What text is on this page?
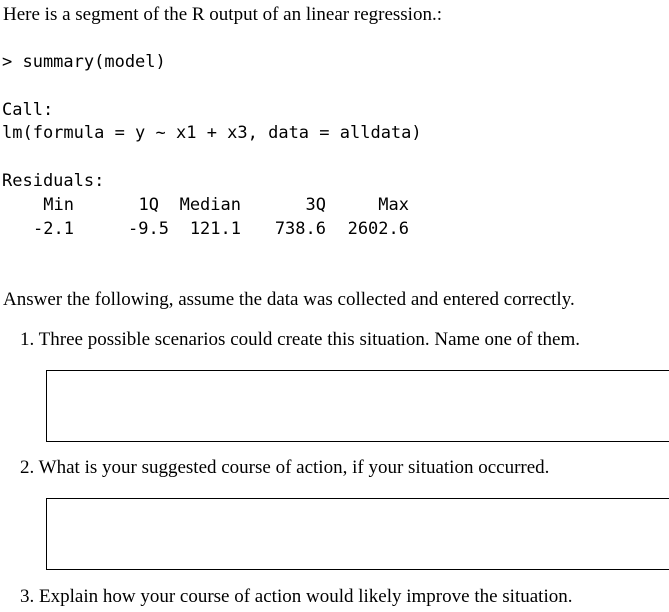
Here is a segment of the R output of an linear regression.:
> summary(model)
Call:
lm(formula = y ~ x1 + x3, data = alldata)
Residuals:
Min	1Q Median	3Q	Max
-2.1	-9.5 121.1 738.6 2602.6
Answer the following, assume the data was collected and entered correctly.
1. Three possible scenarios could create this situation. Name one of them.
2. What is your suggested course of action, if your situation occurred.
3. Explain how your course of action would likely improve the situation.
